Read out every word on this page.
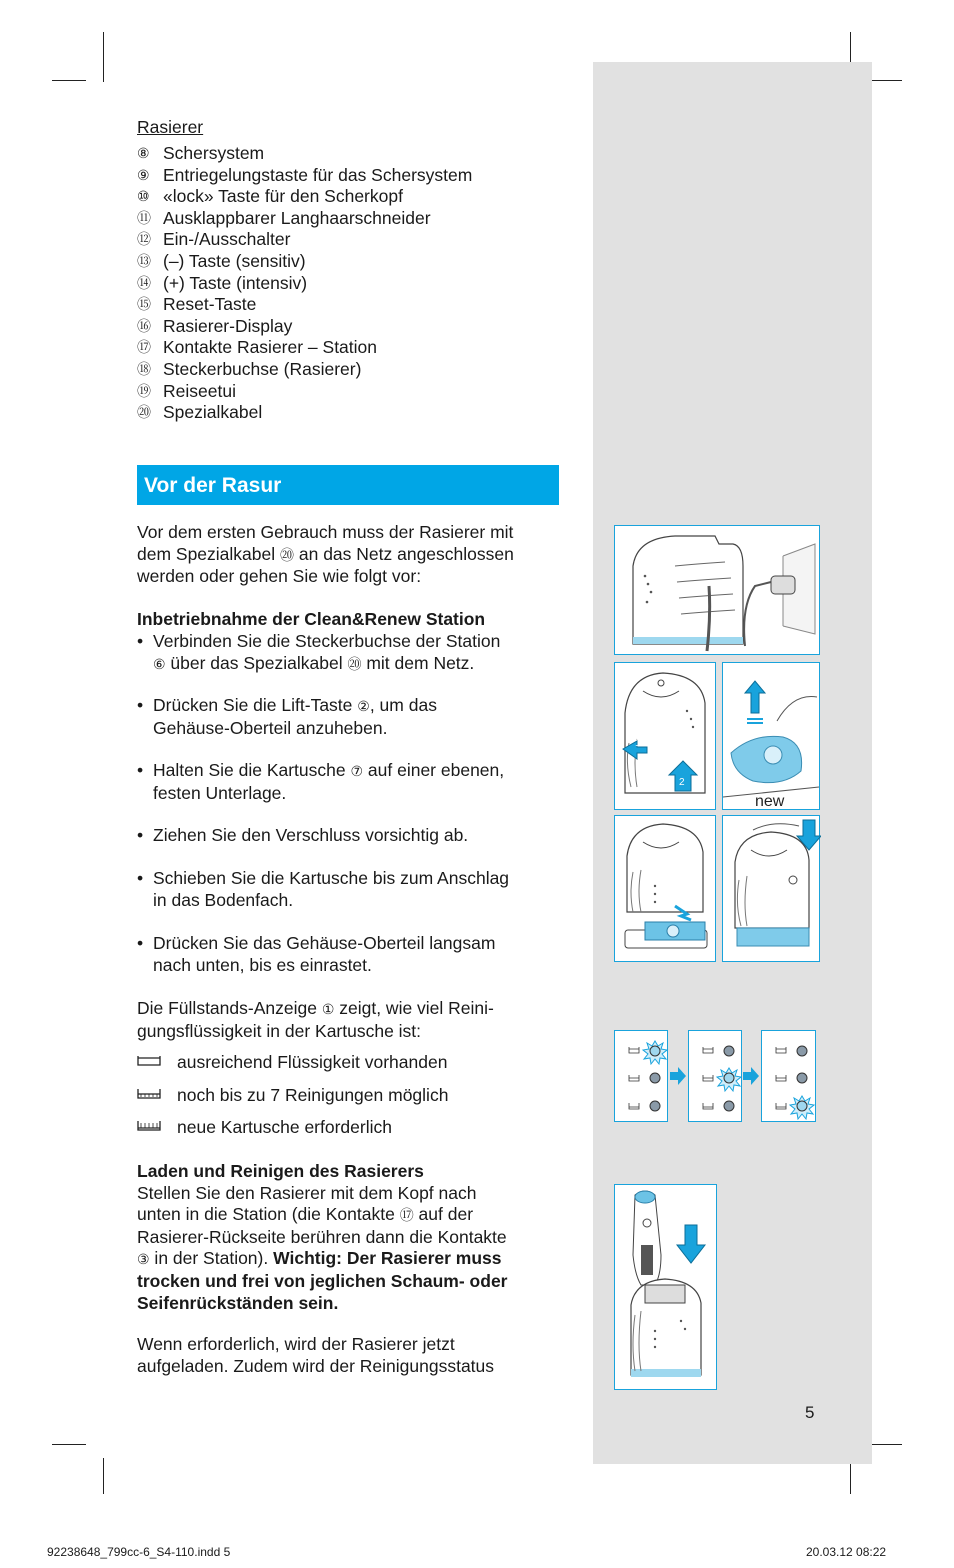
Rasierer
⑧ Schersystem
⑨ Entriegelungstaste für das Schersystem
⑩ «lock» Taste für den Scherkopf
⑪ Ausklappbarer Langhaarschneider
⑫ Ein-/Ausschalter
⑬ (–) Taste (sensitiv)
⑭ (+) Taste (intensiv)
⑮ Reset-Taste
⑯ Rasierer-Display
⑰ Kontakte Rasierer – Station
⑱ Steckerbuchse (Rasierer)
⑲ Reiseetui
⑳ Spezialkabel
Vor der Rasur
Vor dem ersten Gebrauch muss der Rasierer mit
dem Spezialkabel ⑳ an das Netz angeschlossen
werden oder gehen Sie wie folgt vor:
Inbetriebnahme der Clean&Renew Station
• Verbinden Sie die Steckerbuchse der Station
⑥ über das Spezialkabel ⑳ mit dem Netz.
• Drücken Sie die Lift-Taste ②, um das
Gehäuse-Oberteil anzuheben.
• Halten Sie die Kartusche ⑦ auf einer ebenen,
festen Unterlage.
• Ziehen Sie den Verschluss vorsichtig ab.
• Schieben Sie die Kartusche bis zum Anschlag
in das Bodenfach.
• Drücken Sie das Gehäuse-Oberteil langsam
nach unten, bis es einrastet.
Die Füllstands-Anzeige ① zeigt, wie viel Reini-
gungsflüssigkeit in der Kartusche ist:
ausreichend Flüssigkeit vorhanden
noch bis zu 7 Reinigungen möglich
neue Kartusche erforderlich
Laden und Reinigen des Rasierers
Stellen Sie den Rasierer mit dem Kopf nach
unten in die Station (die Kontakte ⑰ auf der
Rasierer-Rückseite berühren dann die Kontakte
③ in der Station). Wichtig: Der Rasierer muss
trocken und frei von jeglichen Schaum- oder
Seifenrückständen sein.
Wenn erforderlich, wird der Rasierer jetzt
aufgeladen. Zudem wird der Reinigungsstatus
1
2
new
5
92238648_799cc-6_S4-110.indd 5	20.03.12 08:22
